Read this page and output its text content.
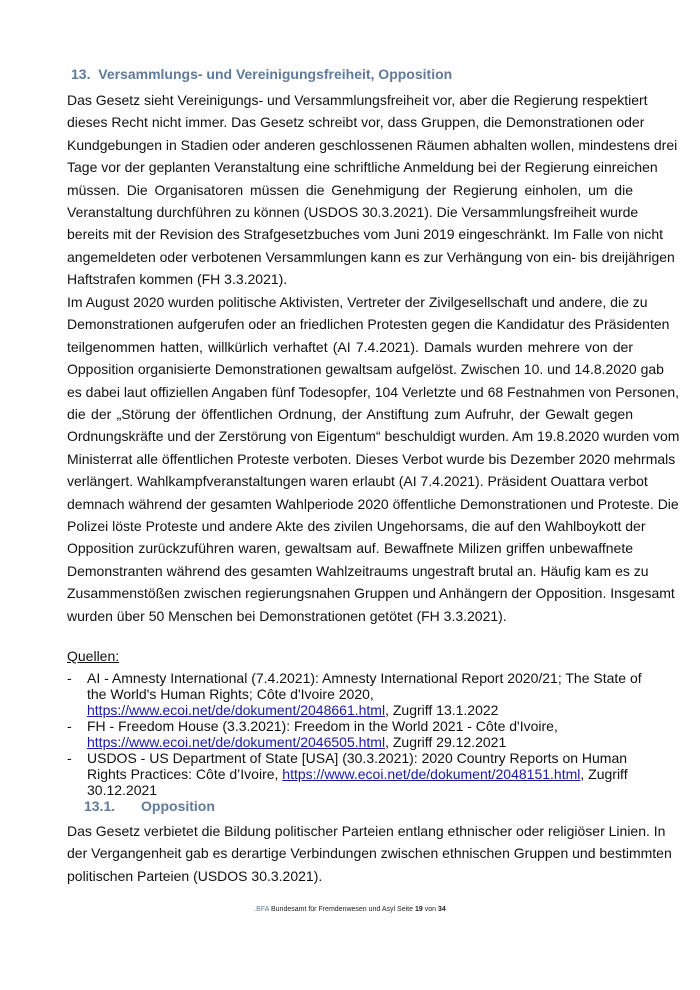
13. Versammlungs- und Vereinigungsfreiheit, Opposition
Das Gesetz sieht Vereinigungs- und Versammlungsfreiheit vor, aber die Regierung respektiert
dieses Recht nicht immer. Das Gesetz schreibt vor, dass Gruppen, die Demonstrationen oder
Kundgebungen in Stadien oder anderen geschlossenen Räumen abhalten wollen, mindestens drei
Tage vor der geplanten Veranstaltung eine schriftliche Anmeldung bei der Regierung einreichen
müssen. Die Organisatoren müssen die Genehmigung der Regierung einholen, um die
Veranstaltung durchführen zu können (USDOS 30.3.2021). Die Versammlungsfreiheit wurde
bereits mit der Revision des Strafgesetzbuches vom Juni 2019 eingeschränkt. Im Falle von nicht
angemeldeten oder verbotenen Versammlungen kann es zur Verhängung von ein- bis dreijährigen
Haftstrafen kommen (FH 3.3.2021).
Im August 2020 wurden politische Aktivisten, Vertreter der Zivilgesellschaft und andere, die zu
Demonstrationen aufgerufen oder an friedlichen Protesten gegen die Kandidatur des Präsidenten
teilgenommen hatten, willkürlich verhaftet (AI 7.4.2021). Damals wurden mehrere von der
Opposition organisierte Demonstrationen gewaltsam aufgelöst. Zwischen 10. und 14.8.2020 gab
es dabei laut offiziellen Angaben fünf Todesopfer, 104 Verletzte und 68 Festnahmen von Personen,
die der „Störung der öffentlichen Ordnung, der Anstiftung zum Aufruhr, der Gewalt gegen
Ordnungskräfte und der Zerstörung von Eigentum“ beschuldigt wurden. Am 19.8.2020 wurden vom
Ministerrat alle öffentlichen Proteste verboten. Dieses Verbot wurde bis Dezember 2020 mehrmals
verlängert. Wahlkampfveranstaltungen waren erlaubt (AI 7.4.2021). Präsident Ouattara verbot
demnach während der gesamten Wahlperiode 2020 öffentliche Demonstrationen und Proteste. Die
Polizei löste Proteste und andere Akte des zivilen Ungehorsams, die auf den Wahlboykott der
Opposition zurückzuführen waren, gewaltsam auf. Bewaffnete Milizen griffen unbewaffnete
Demonstranten während des gesamten Wahlzeitraums ungestraft brutal an. Häufig kam es zu
Zusammenstößen zwischen regierungsnahen Gruppen und Anhängern der Opposition. Insgesamt
wurden über 50 Menschen bei Demonstrationen getötet (FH 3.3.2021).
Quellen:
- AI - Amnesty International (7.4.2021): Amnesty International Report 2020/21; The State of the World's Human Rights; Côte d'Ivoire 2020, https://www.ecoi.net/de/dokument/2048661.html, Zugriff 13.1.2022
- FH - Freedom House (3.3.2021): Freedom in the World 2021 - Côte d'Ivoire, https://www.ecoi.net/de/dokument/2046505.html, Zugriff 29.12.2021
- USDOS - US Department of State [USA] (30.3.2021): 2020 Country Reports on Human Rights Practices: Côte d’Ivoire, https://www.ecoi.net/de/dokument/2048151.html, Zugriff 30.12.2021
13.1. Opposition
Das Gesetz verbietet die Bildung politischer Parteien entlang ethnischer oder religiöser Linien. In
der Vergangenheit gab es derartige Verbindungen zwischen ethnischen Gruppen und bestimmten
politischen Parteien (USDOS 30.3.2021).
.BFA Bundesamt für Fremdenwesen und Asyl Seite 19 von 34
